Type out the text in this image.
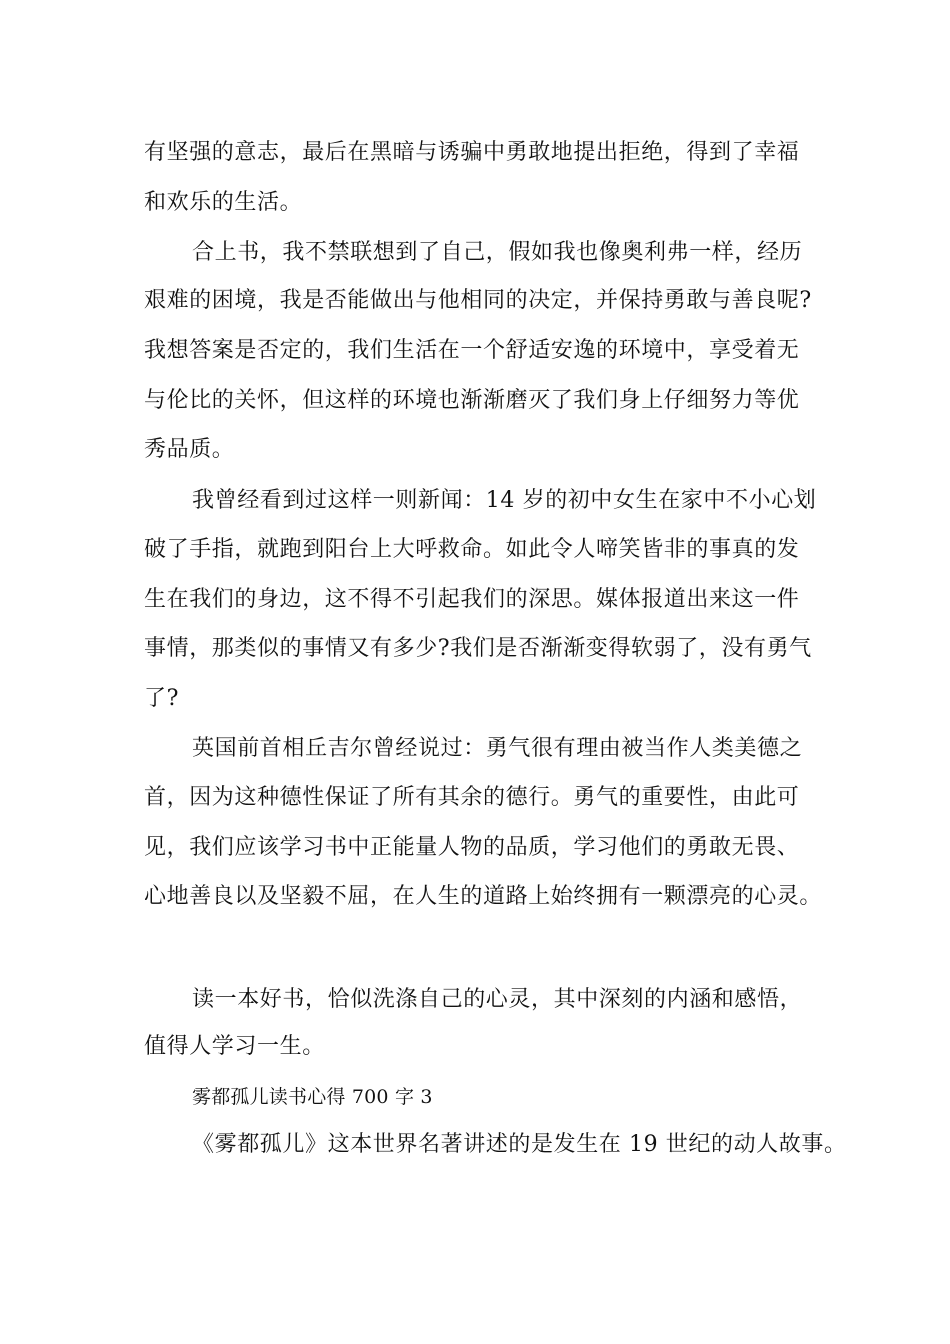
有坚强的意志，最后在黑暗与诱骗中勇敢地提出拒绝，得到了幸福

和欢乐的生活。

合上书，我不禁联想到了自己，假如我也像奥利弗一样，经历

艰难的困境，我是否能做出与他相同的决定，并保持勇敢与善良呢?

我想答案是否定的，我们生活在一个舒适安逸的环境中，享受着无

与伦比的关怀，但这样的环境也渐渐磨灭了我们身上仔细努力等优

秀品质。

我曾经看到过这样一则新闻：14 岁的初中女生在家中不小心划

破了手指，就跑到阳台上大呼救命。如此令人啼笑皆非的事真的发

生在我们的身边，这不得不引起我们的深思。媒体报道出来这一件

事情，那类似的事情又有多少?我们是否渐渐变得软弱了，没有勇气

了?

英国前首相丘吉尔曾经说过：勇气很有理由被当作人类美德之

首，因为这种德性保证了所有其余的德行。勇气的重要性，由此可

见，我们应该学习书中正能量人物的品质，学习他们的勇敢无畏、

心地善良以及坚毅不屈，在人生的道路上始终拥有一颗漂亮的心灵。

读一本好书，恰似洗涤自己的心灵，其中深刻的内涵和感悟，

值得人学习一生。

雾都孤儿读书心得 700 字 3

《雾都孤儿》这本世界名著讲述的是发生在 19 世纪的动人故事。
